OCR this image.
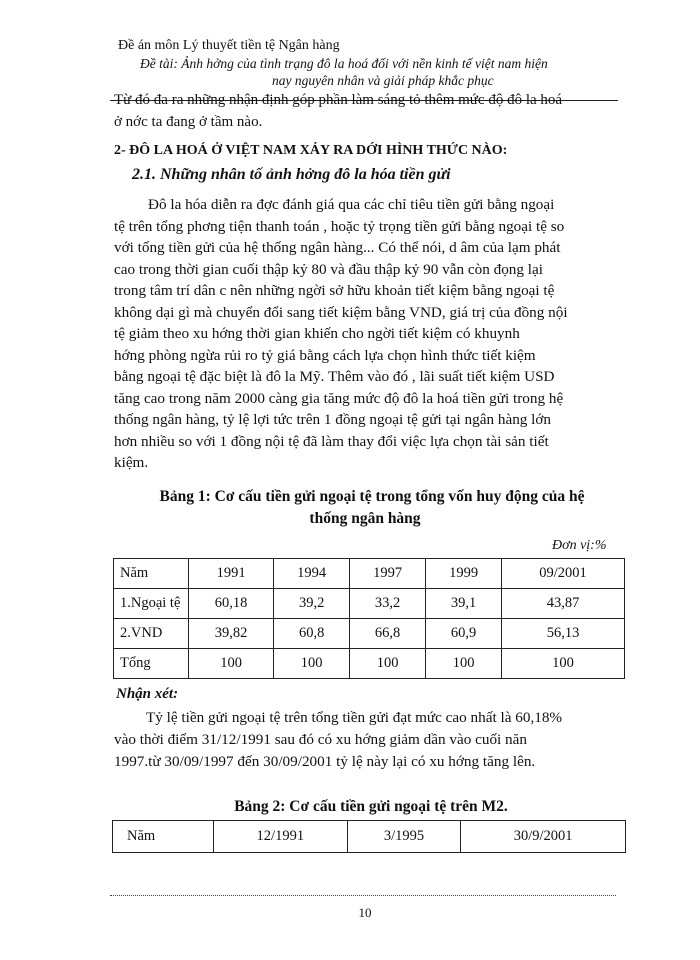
Đề án môn Lý thuyết tiền tệ Ngân hàng
Đề tài: Ảnh hởng của tình trạng đô la hoá đối với nền kinh tế việt nam hiện
nay nguyên nhân và giải pháp khắc phục
Từ đó đa ra những nhận định góp phần làm sáng tỏ thêm mức độ đô la hoá
ở nớc ta đang ở tầm nào.
2- ĐÔ LA HOÁ Ở VIỆT NAM XẢY RA DỚI HÌNH THỨC NÀO:
2.1. Những nhân tố ảnh hởng đô la hóa tiền gửi
Đô la hóa diễn ra đợc đánh giá qua các chỉ tiêu tiền gửi bằng ngoại
tệ trên tổng phơng tiện thanh toán , hoặc tỷ trọng tiền gửi bằng ngoại tệ so
với tổng tiền gửi của hệ thống ngân hàng... Có thể nói, d âm của lạm phát
cao trong thời gian cuối thập kỷ 80 và đầu thập kỷ 90 vẫn còn đọng lại
trong tâm trí dân c nên những ngời sở hữu khoản tiết kiệm bằng ngoại tệ
không dại gì mà chuyển đổi sang tiết kiệm bằng VND, giá trị của đồng nội
tệ giảm theo xu hớng thời gian khiến cho ngời tiết kiệm có khuynh
hớng phòng ngừa rủi ro tỷ giá bằng cách lựa chọn hình thức tiết kiệm
bằng ngoại tệ đặc biệt là đô la Mỹ. Thêm vào đó , lãi suất tiết kiệm USD
tăng cao trong năm 2000 càng gia tăng mức độ đô la hoá tiền gửi trong hệ
thống ngân hàng, tỷ lệ lợi tức trên 1 đồng ngoại tệ gửi tại ngân hàng lớn
hơn nhiều so với 1 đồng nội tệ đã làm thay đổi việc lựa chọn tài sản tiết
kiệm.
Bảng 1: Cơ cấu tiền gửi ngoại tệ trong tổng vốn huy động của hệ
thống ngân hàng
Đơn vị:%
Năm	1991	1994	1997	1999	09/2001
1.Ngoại tệ	60,18	39,2	33,2	39,1	43,87
2.VND	39,82	60,8	66,8	60,9	56,13
Tổng	100	100	100	100	100
Nhận xét:
Tỷ lệ tiền gửi ngoại tệ trên tổng tiền gửi đạt mức cao nhất là 60,18%
vào thời điểm 31/12/1991 sau đó có xu hớng giảm dần vào cuối năn
1997.từ 30/09/1997 đến 30/09/2001 tỷ lệ này lại có xu hớng tăng lên.
Bảng 2: Cơ cấu tiền gửi ngoại tệ trên M2.
Năm	12/1991	3/1995	30/9/2001
10
